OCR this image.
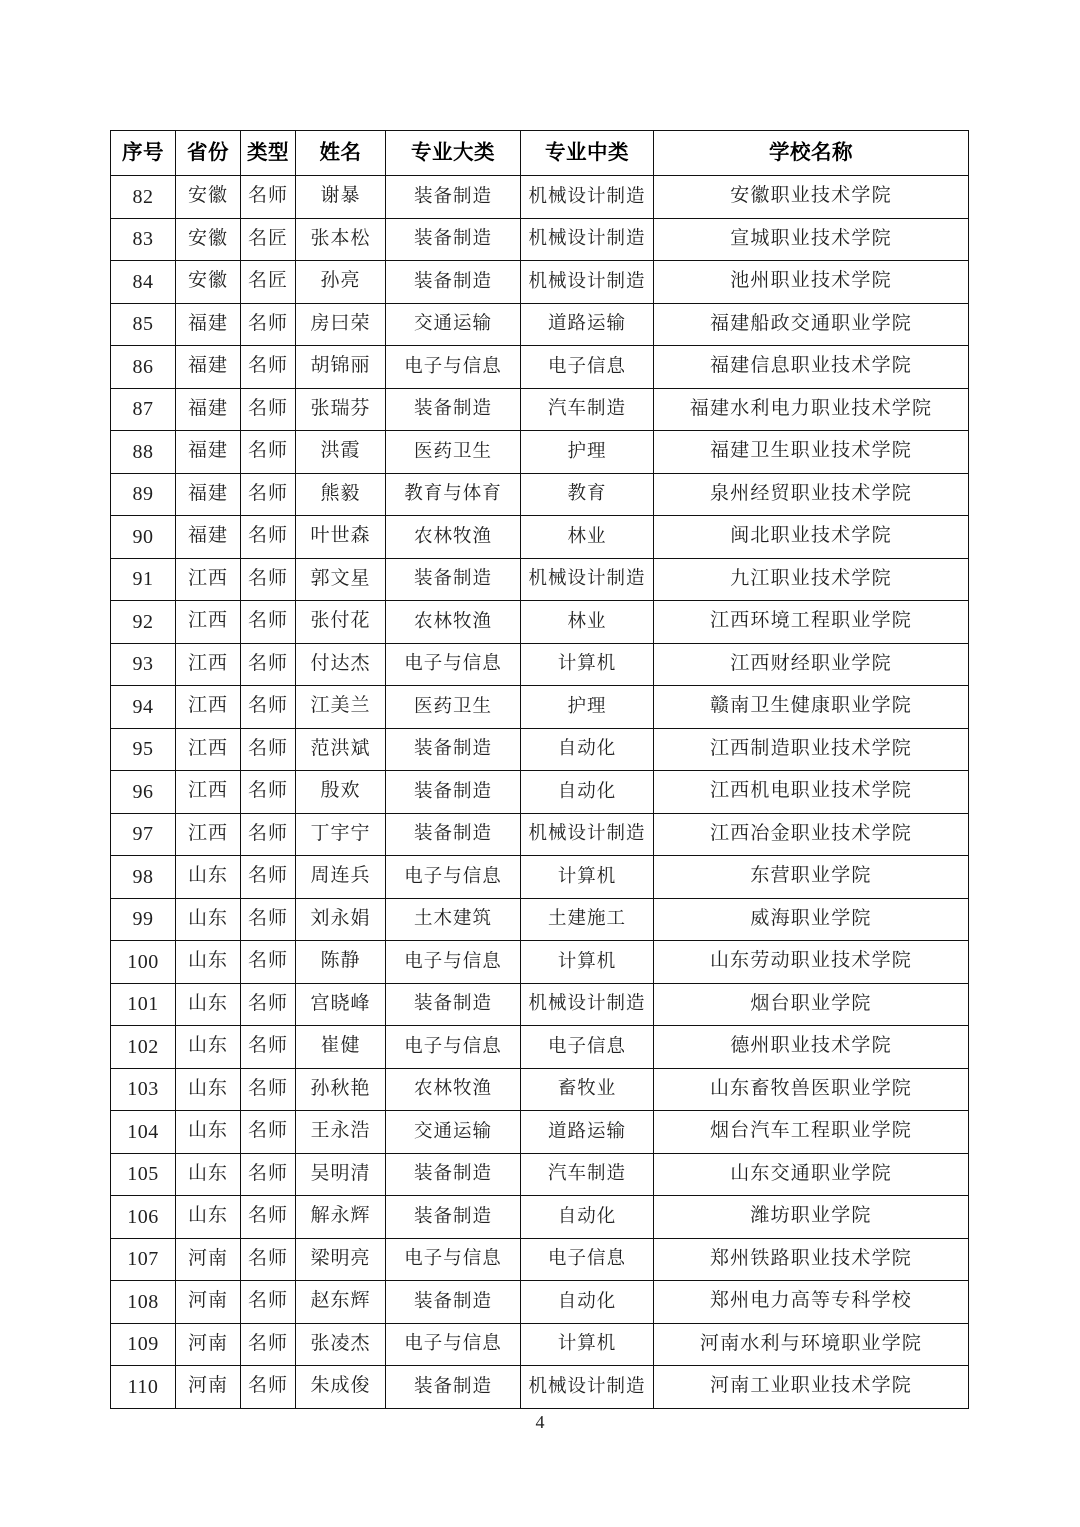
序号	省份	类型	姓名	专业大类	专业中类	学校名称
82	安徽	名师	谢暴	装备制造	机械设计制造	安徽职业技术学院
83	安徽	名匠	张本松	装备制造	机械设计制造	宣城职业技术学院
84	安徽	名匠	孙亮	装备制造	机械设计制造	池州职业技术学院
85	福建	名师	房曰荣	交通运输	道路运输	福建船政交通职业学院
86	福建	名师	胡锦丽	电子与信息	电子信息	福建信息职业技术学院
87	福建	名师	张瑞芬	装备制造	汽车制造	福建水利电力职业技术学院
88	福建	名师	洪霞	医药卫生	护理	福建卫生职业技术学院
89	福建	名师	熊毅	教育与体育	教育	泉州经贸职业技术学院
90	福建	名师	叶世森	农林牧渔	林业	闽北职业技术学院
91	江西	名师	郭文星	装备制造	机械设计制造	九江职业技术学院
92	江西	名师	张付花	农林牧渔	林业	江西环境工程职业学院
93	江西	名师	付达杰	电子与信息	计算机	江西财经职业学院
94	江西	名师	江美兰	医药卫生	护理	赣南卫生健康职业学院
95	江西	名师	范洪斌	装备制造	自动化	江西制造职业技术学院
96	江西	名师	殷欢	装备制造	自动化	江西机电职业技术学院
97	江西	名师	丁宇宁	装备制造	机械设计制造	江西冶金职业技术学院
98	山东	名师	周连兵	电子与信息	计算机	东营职业学院
99	山东	名师	刘永娟	土木建筑	土建施工	威海职业学院
100	山东	名师	陈静	电子与信息	计算机	山东劳动职业技术学院
101	山东	名师	宫晓峰	装备制造	机械设计制造	烟台职业学院
102	山东	名师	崔健	电子与信息	电子信息	德州职业技术学院
103	山东	名师	孙秋艳	农林牧渔	畜牧业	山东畜牧兽医职业学院
104	山东	名师	王永浩	交通运输	道路运输	烟台汽车工程职业学院
105	山东	名师	吴明清	装备制造	汽车制造	山东交通职业学院
106	山东	名师	解永辉	装备制造	自动化	潍坊职业学院
107	河南	名师	梁明亮	电子与信息	电子信息	郑州铁路职业技术学院
108	河南	名师	赵东辉	装备制造	自动化	郑州电力高等专科学校
109	河南	名师	张凌杰	电子与信息	计算机	河南水利与环境职业学院
110	河南	名师	朱成俊	装备制造	机械设计制造	河南工业职业技术学院
4
